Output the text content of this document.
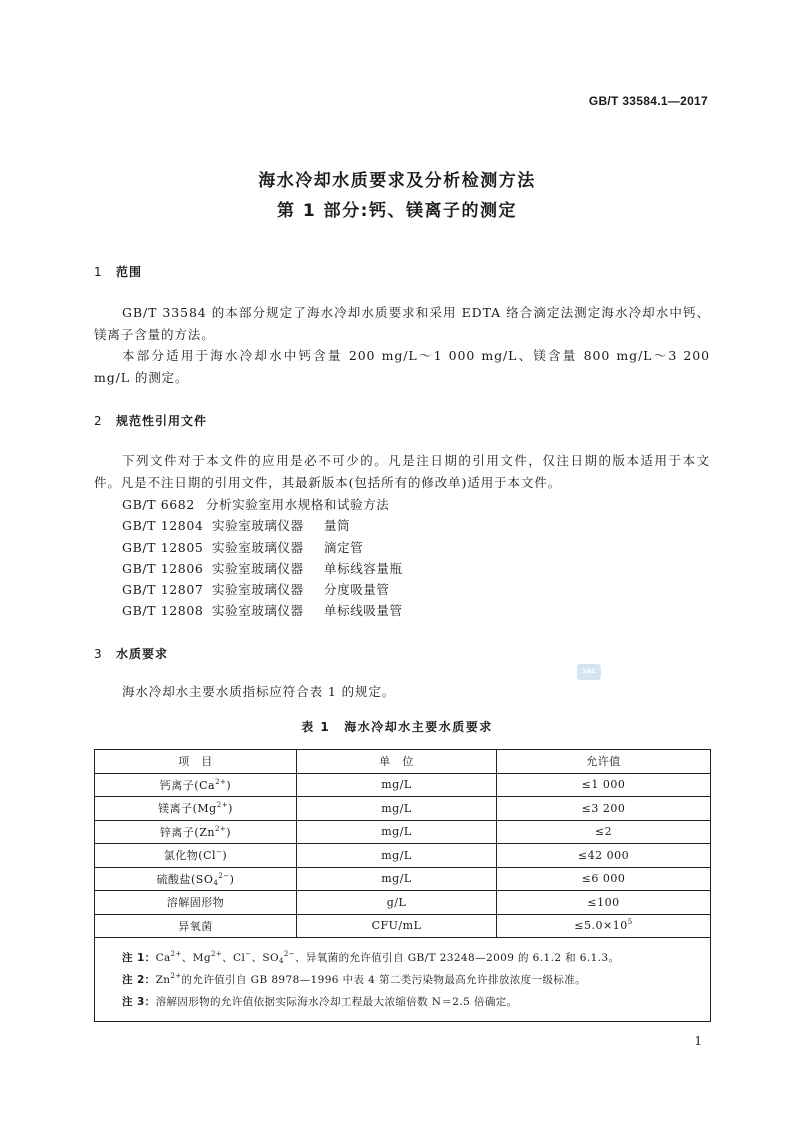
GB/T 33584.1—2017
海水冷却水质要求及分析检测方法
第 1 部分:钙、镁离子的测定
1 范围

GB/T 33584 的本部分规定了海水冷却水质要求和采用 EDTA 络合滴定法测定海水冷却水中钙、镁离子含量的方法。

本部分适用于海水冷却水中钙含量 200 mg/L～1 000 mg/L、镁含量 800 mg/L～3 200 mg/L 的测定。

2 规范性引用文件

下列文件对于本文件的应用是必不可少的。凡是注日期的引用文件，仅注日期的版本适用于本文件。凡是不注日期的引用文件，其最新版本(包括所有的修改单)适用于本文件。

GB/T 6682 分析实验室用水规格和试验方法
GB/T 12804 实验室玻璃仪器 量筒
GB/T 12805 实验室玻璃仪器 滴定管
GB/T 12806 实验室玻璃仪器 单标线容量瓶
GB/T 12807 实验室玻璃仪器 分度吸量管
GB/T 12808 实验室玻璃仪器 单标线吸量管
3 水质要求
SAC

海水冷却水主要水质指标应符合表 1 的规定。

表 1 海水冷却水主要水质要求
项　目	单　位	允许值
钙离子$(Ca^{2+})$	mg/L	≤1 000
镁离子$(Mg^{2+})$	mg/L	≤3 200
锌离子$(Zn^{2+})$	mg/L	≤2
氯化物(Cl−)	mg/L	≤42 000
硫酸盐$(SO_4^{2-})$	mg/L	≤6 000
溶解固形物	g/L	≤100
异氧菌	CFU/mL	$\le 5.0\times 10^5$

注 1：$Ca^{2+}$、$Mg^{2+}$、Cl−、$SO_4^{2-}$、异氧菌的允许值引自 GB/T 23248—2009 的 6.1.2 和 6.1.3。
注 2：$Zn^{2+}$的允许值引自 GB 8978—1996 中表 4 第二类污染物最高允许排放浓度一级标准。
注 3：溶解固形物的允许值依据实际海水冷却工程最大浓缩倍数 N＝2.5 倍确定。		
1
